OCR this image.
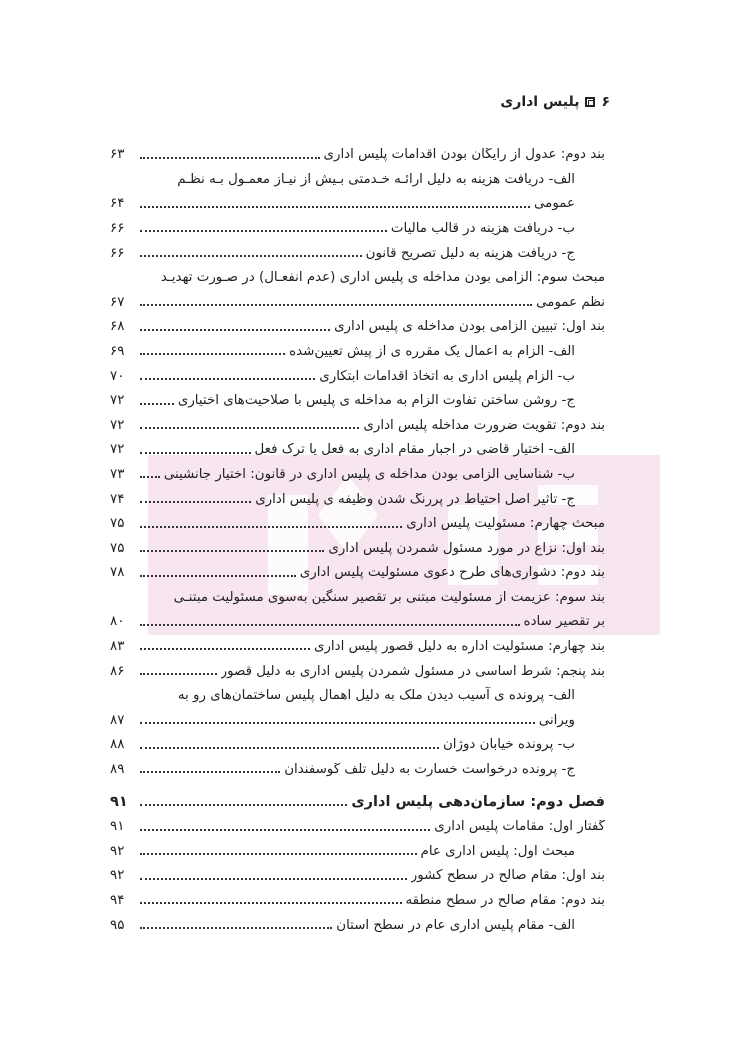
۶
پلیس اداری
بند دوم: عدول از رایگان بودن اقدامات پلیس اداری
۶۳
الف- دریافت هزینه به دلیل ارائـه خـدمتی بـیش از نیـاز معمـول بـه نظـم
عمومی
۶۴
ب- دریافت هزینه در قالب مالیات
۶۶
ج- دریافت هزینه به دلیل تصریح قانون
۶۶
مبحث سوم: الزامی بودن مداخله ی پلیس اداری (عدم انفعـال) در صـورت تهدیـد
نظم عمومی
۶۷
بند اول: تبیین الزامی بودن مداخله ی پلیس اداری
۶۸
الف- الزام به اعمال یک مقرره ی از پیش تعیین‌شده
۶۹
ب- الزام پلیس اداری به اتخاذ اقدامات ابتکاری
۷۰
ج- روشن ساختن تفاوت الزام به مداخله ی پلیس با صلاحیت‌های اختیاری
۷۲
بند دوم: تقویت ضرورت مداخله پلیس اداری
۷۲
الف- اختیار قاضی در اجبار مقام اداری به فعل یا ترک فعل
۷۲
ب- شناسایی الزامی بودن مداخله ی پلیس اداری در قانون: اختیار جانشینی
۷۳
ج- تأثیر اصل احتیاط در پررنگ شدن وظیفه ی پلیس اداری
۷۴
مبحث چهارم: مسئولیت پلیس اداری
۷۵
بند اول: نزاع در مورد مسئول شمردن پلیس اداری
۷۵
بند دوم: دشواری‌های طرح دعوی مسئولیت پلیس اداری
۷۸
بند سوم: عزیمت از مسئولیت مبتنی بر تقصیر سنگین به‌سوی مسئولیت مبتنـی
بر تقصیر ساده
۸۰
بند چهارم: مسئولیت اداره به دلیل قصور پلیس اداری
۸۳
بند پنجم: شرط اساسی در مسئول شمردن پلیس اداری به دلیل قصور
۸۶
الف- پرونده ی آسیب دیدن ملک به دلیل اهمال پلیس ساختمان‌های رو به
ویرانی
۸۷
ب- پرونده خیابان دوژان
۸۸
ج- پرونده درخواست خسارت به دلیل تلف گوسفندان
۸۹
فصل دوم: سازمان‌دهی پلیس اداری
۹۱
گفتار اول: مقامات پلیس اداری
۹۱
مبحث اول: پلیس اداری عام
۹۲
بند اول: مقام صالح در سطح کشور
۹۲
بند دوم: مقام صالح در سطح منطقه
۹۴
الف- مقام پلیس اداری عام در سطح استان
۹۵
